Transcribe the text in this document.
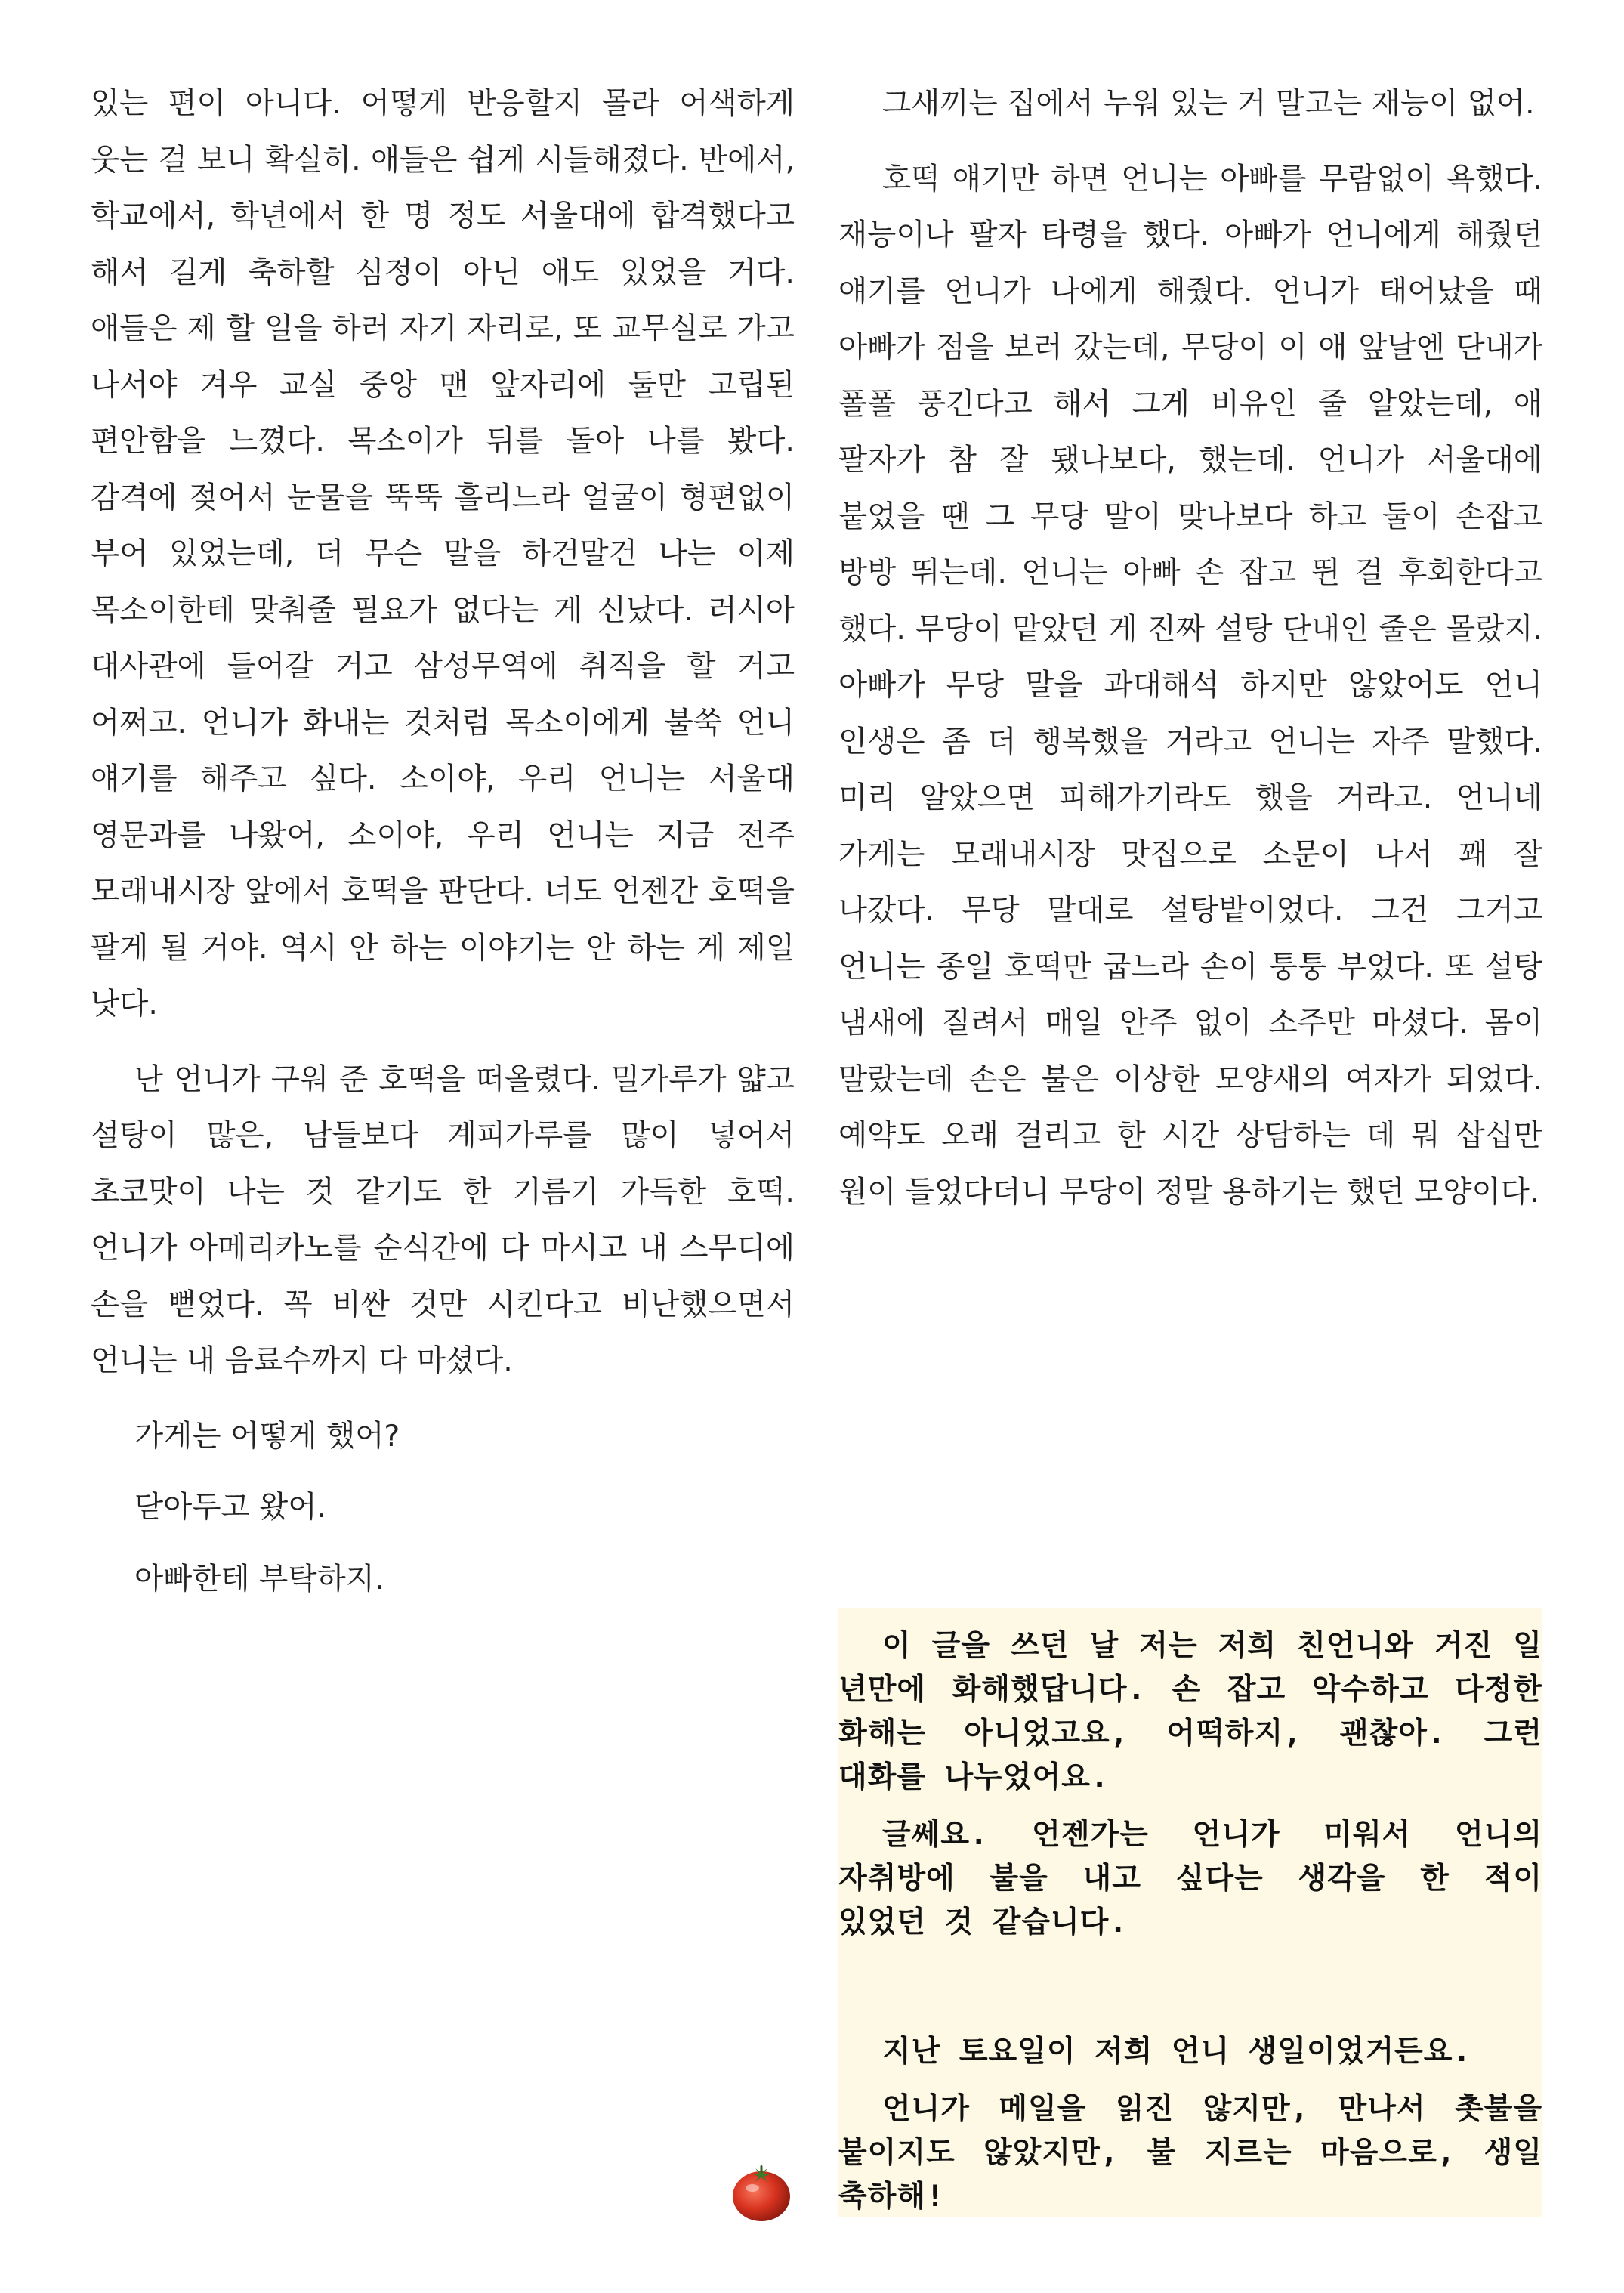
있는 편이 아니다. 어떻게 반응할지 몰라 어색하게 웃는 걸 보니 확실히. 애들은 쉽게 시들해졌다. 반에서, 학교에서, 학년에서 한 명 정도 서울대에 합격했다고 해서 길게 축하할 심정이 아닌 애도 있었을 거다. 애들은 제 할 일을 하러 자기 자리로, 또 교무실로 가고 나서야 겨우 교실 중앙 맨 앞자리에 둘만 고립된 편안함을 느꼈다. 목소이가 뒤를 돌아 나를 봤다. 감격에 젖어서 눈물을 뚝뚝 흘리느라 얼굴이 형편없이 부어 있었는데, 더 무슨 말을 하건말건 나는 이제 목소이한테 맞춰줄 필요가 없다는 게 신났다. 러시아 대사관에 들어갈 거고 삼성무역에 취직을 할 거고 어쩌고. 언니가 화내는 것처럼 목소이에게 불쑥 언니 얘기를 해주고 싶다. 소이야, 우리 언니는 서울대 영문과를 나왔어, 소이야, 우리 언니는 지금 전주 모래내시장 앞에서 호떡을 판단다. 너도 언젠간 호떡을 팔게 될 거야. 역시 안 하는 이야기는 안 하는 게 제일 낫다.

난 언니가 구워 준 호떡을 떠올렸다. 밀가루가 얇고 설탕이 많은, 남들보다 계피가루를 많이 넣어서 초코맛이 나는 것 같기도 한 기름기 가득한 호떡. 언니가 아메리카노를 순식간에 다 마시고 내 스무디에 손을 뻗었다. 꼭 비싼 것만 시킨다고 비난했으면서 언니는 내 음료수까지 다 마셨다.

가게는 어떻게 했어?

닫아두고 왔어.

아빠한테 부탁하지.

그새끼는 집에서 누워 있는 거 말고는 재능이 없어.

호떡 얘기만 하면 언니는 아빠를 무람없이 욕했다. 재능이나 팔자 타령을 했다. 아빠가 언니에게 해줬던 얘기를 언니가 나에게 해줬다. 언니가 태어났을 때 아빠가 점을 보러 갔는데, 무당이 이 애 앞날엔 단내가 폴폴 풍긴다고 해서 그게 비유인 줄 알았는데, 애 팔자가 참 잘 됐나보다, 했는데. 언니가 서울대에 붙었을 땐 그 무당 말이 맞나보다 하고 둘이 손잡고 방방 뛰는데. 언니는 아빠 손 잡고 뛴 걸 후회한다고 했다. 무당이 맡았던 게 진짜 설탕 단내인 줄은 몰랐지. 아빠가 무당 말을 과대해석 하지만 않았어도 언니 인생은 좀 더 행복했을 거라고 언니는 자주 말했다. 미리 알았으면 피해가기라도 했을 거라고. 언니네 가게는 모래내시장 맛집으로 소문이 나서 꽤 잘 나갔다. 무당 말대로 설탕밭이었다. 그건 그거고 언니는 종일 호떡만 굽느라 손이 퉁퉁 부었다. 또 설탕 냄새에 질려서 매일 안주 없이 소주만 마셨다. 몸이 말랐는데 손은 불은 이상한 모양새의 여자가 되었다. 예약도 오래 걸리고 한 시간 상담하는 데 뭐 삽십만 원이 들었다더니 무당이 정말 용하기는 했던 모양이다.

이 글을 쓰던 날 저는 저희 친언니와 거진 일 년만에 화해했답니다. 손 잡고 악수하고 다정한 화해는 아니었고요, 어떡하지, 괜찮아. 그런 대화를 나누었어요.

글쎄요. 언젠가는 언니가 미워서 언니의 자취방에 불을 내고 싶다는 생각을 한 적이 있었던 것 같습니다.

지난 토요일이 저희 언니 생일이었거든요.

언니가 메일을 읽진 않지만, 만나서 촛불을 붙이지도 않았지만, 불 지르는 마음으로, 생일 축하해!
